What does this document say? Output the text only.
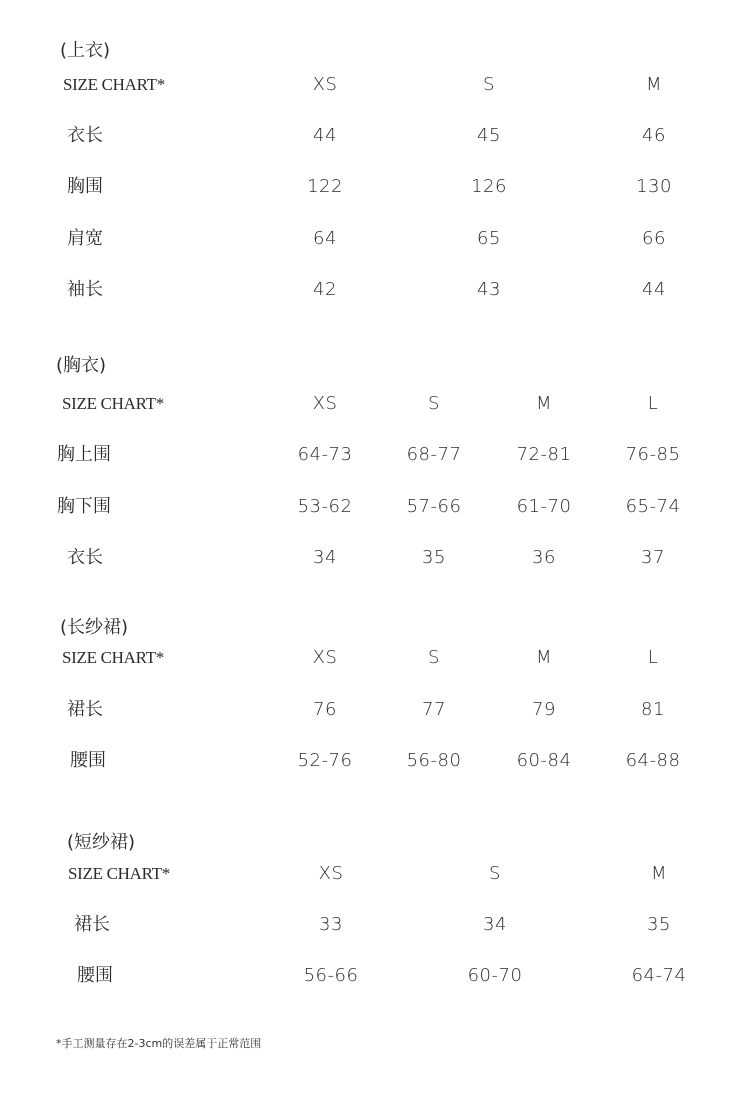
(上衣)
SIZE CHART*	XS	S	M
衣长	44	45	46
胸围	122	126	130
肩宽	64	65	66
袖长	42	43	44
(胸衣)
SIZE CHART*	XS	S	M	L
胸上围	64-73	68-77	72-81	76-85
胸下围	53-62	57-66	61-70	65-74
衣长	34	35	36	37
(长纱裙)
SIZE CHART*	XS	S	M	L
裙长	76	77	79	81
腰围	52-76	56-80	60-84	64-88
(短纱裙)
SIZE CHART*	XS	S	M
裙长	33	34	35
腰围	56-66	60-70	64-74
*手工测量存在2-3cm的误差属于正常范围
